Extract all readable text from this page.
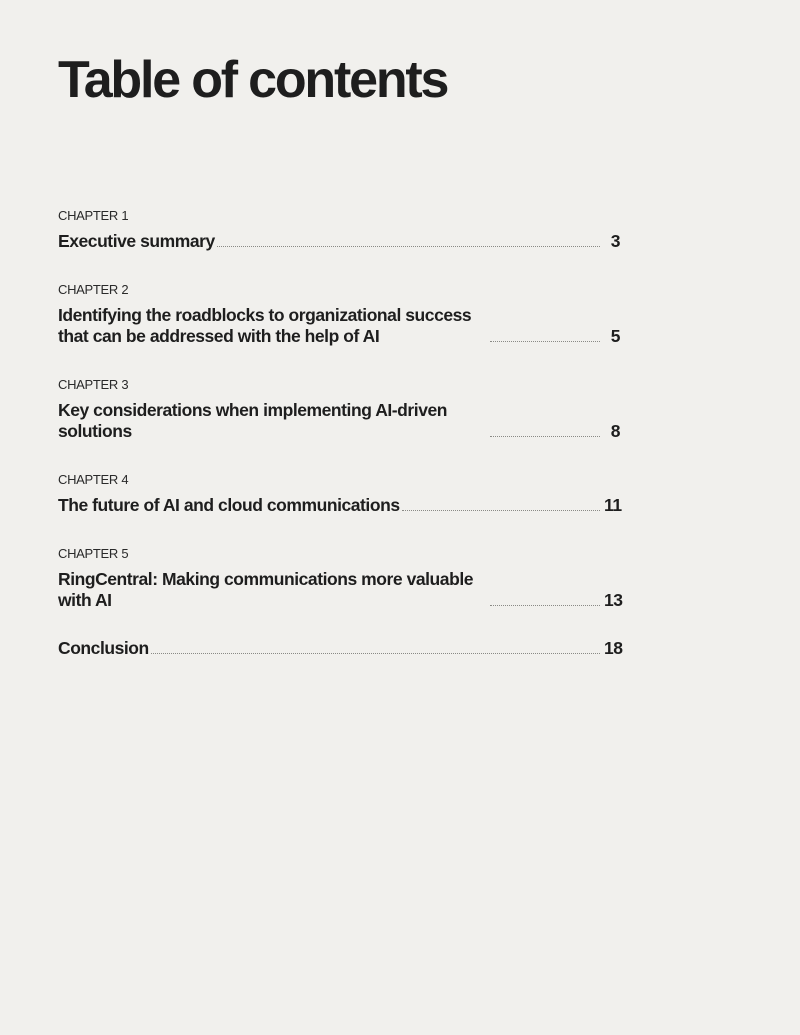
Table of contents
CHAPTER 1
Executive summary	3
CHAPTER 2
Identifying the roadblocks to organizational success that can be addressed with the help of AI	5
CHAPTER 3
Key considerations when implementing AI-driven solutions	8
CHAPTER 4
The future of AI and cloud communications	11
CHAPTER 5
RingCentral: Making communications more valuable with AI	13
Conclusion	18
